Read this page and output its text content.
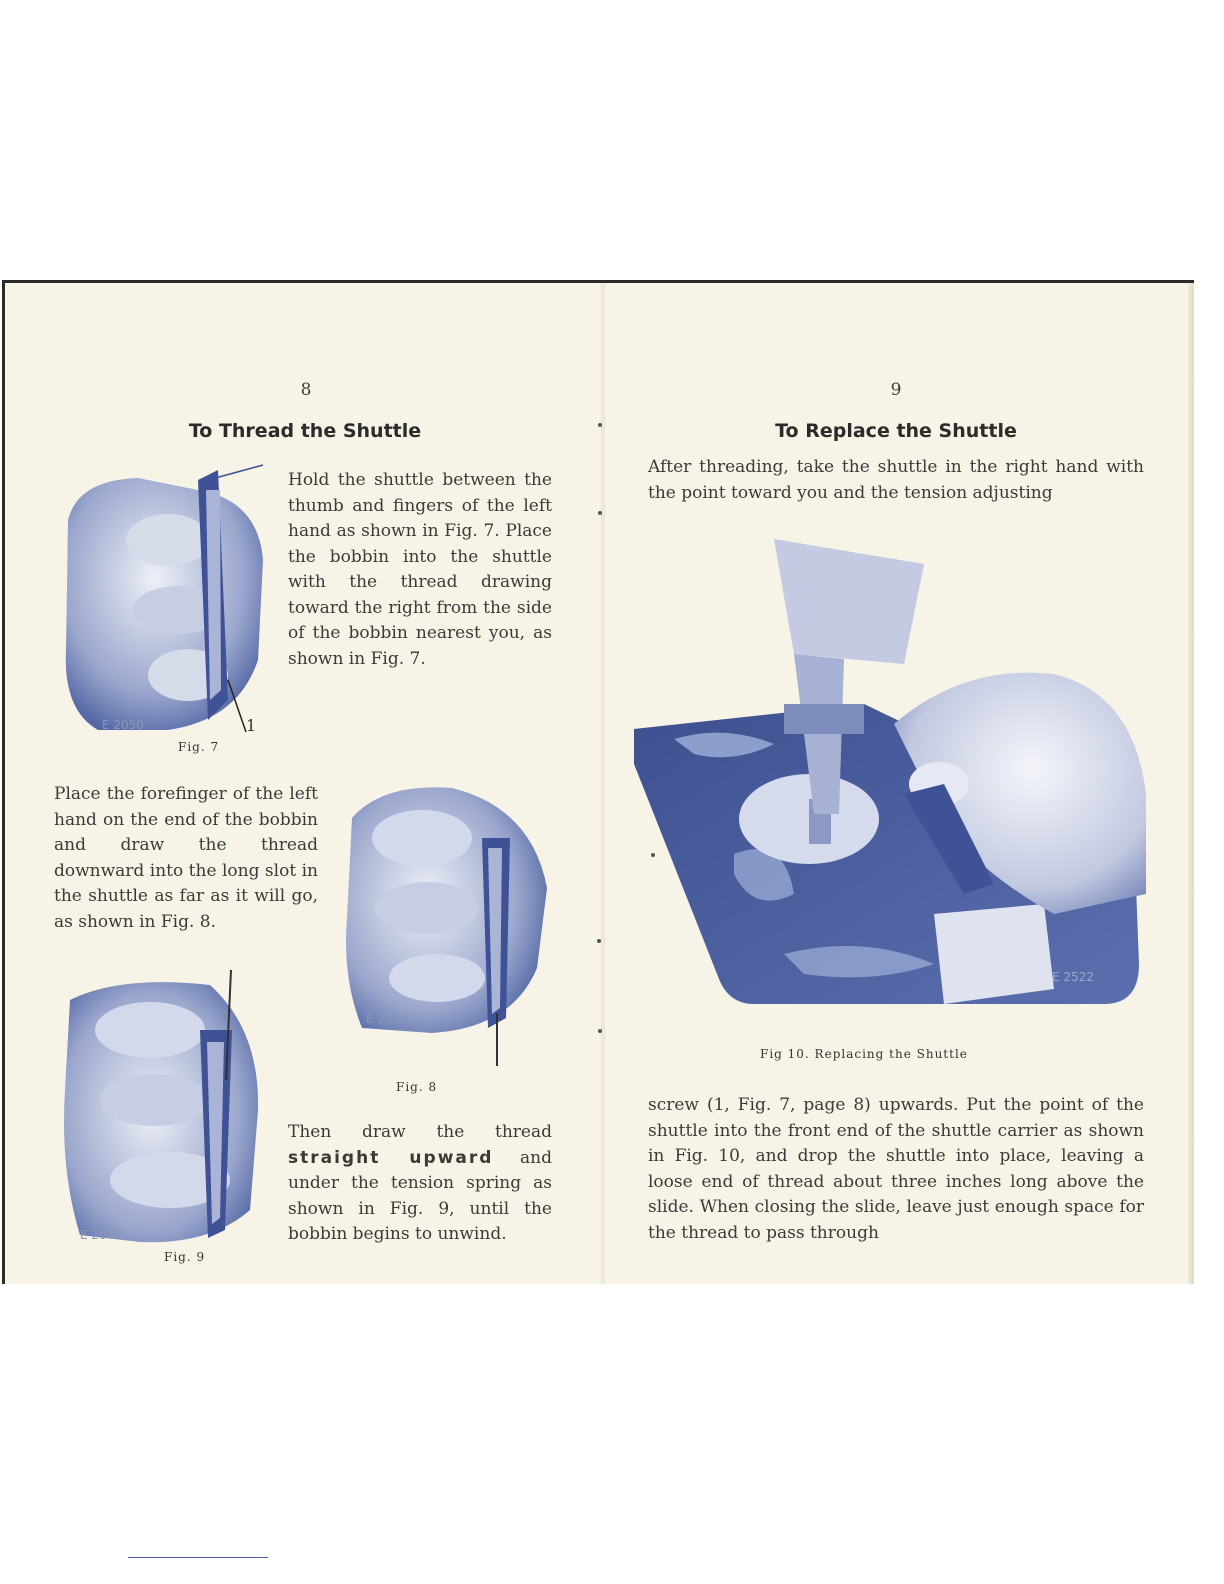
8
To Thread the Shuttle
E 2050	1
Fig. 7
Hold the shuttle between the thumb and fingers of the left hand as shown in Fig. 7. Place the bobbin into the shuttle with the thread drawing toward the right from the side of the bobbin nearest you, as shown in Fig. 7.
Place the forefinger of the left hand on the end of the bobbin and draw the thread downward into the long slot in the shuttle as far as it will go, as shown in Fig. 8.
E 2047
Fig. 8
E 2046
Fig. 9
Then draw the thread straight upward and under the tension spring as shown in Fig. 9, until the bobbin begins to unwind.
9
To Replace the Shuttle
After threading, take the shuttle in the right hand with the point toward you and the tension adjusting
E 2522
Fig 10. Replacing the Shuttle
screw (1, Fig. 7, page 8) upwards. Put the point of the shuttle into the front end of the shuttle carrier as shown in Fig. 10, and drop the shuttle into place, leaving a loose end of thread about three inches long above the slide. When closing the slide, leave just enough space for the thread to pass through
